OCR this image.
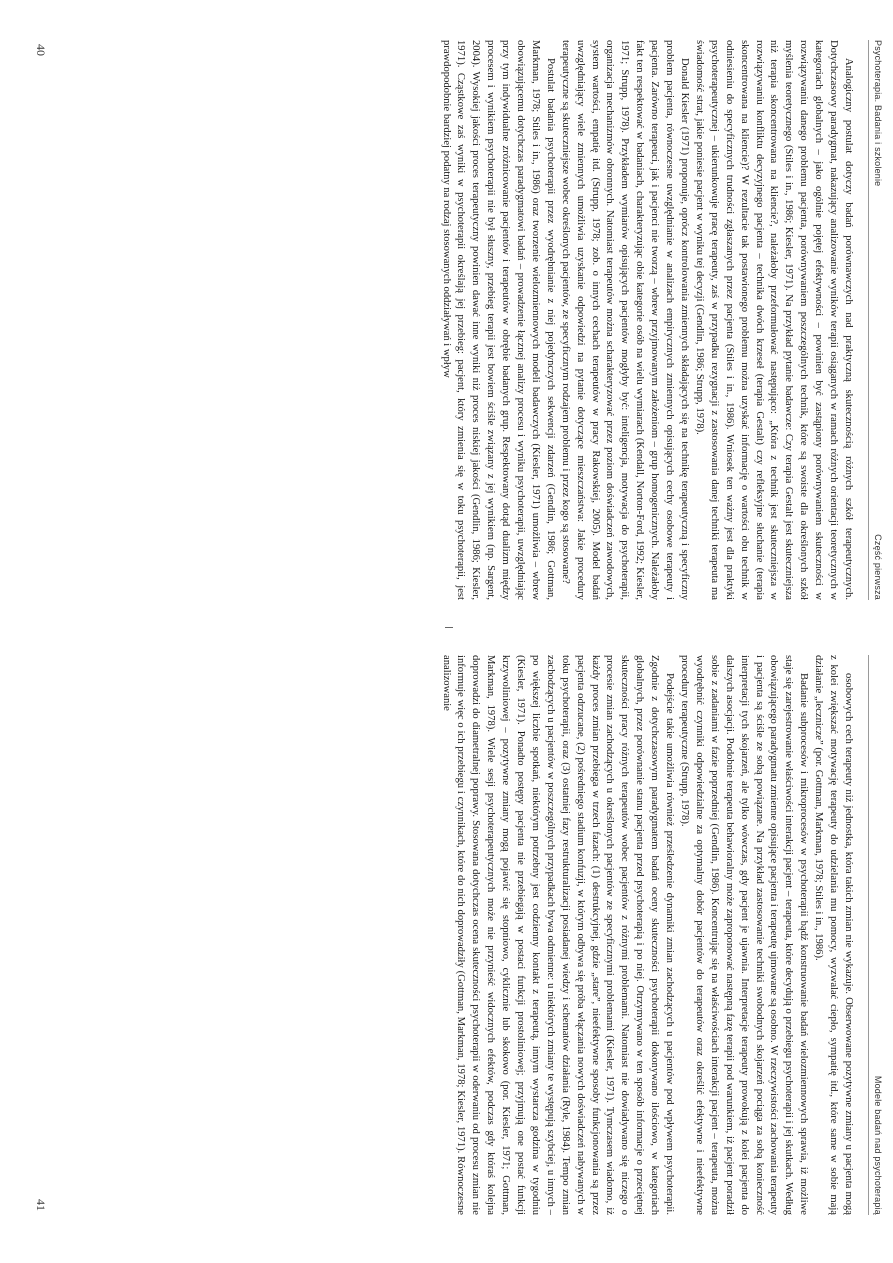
Psychoterapia. Badania i szkolenie
Część pierwsza

Analogiczny postulat dotyczy badań porównawczych nad praktyczną skutecznością różnych szkół terapeutycznych. Dotychczasowy paradygmat, nakazujący analizowanie wyników terapii osiąganych w ramach różnych orientacji teoretycznych w kategoriach globalnych – jako ogólnie pojętej efektywności – powinien być zastąpiony porównywaniem skuteczności w rozwiązywaniu danego problemu pacjenta, porównywaniem poszczególnych technik, które są swoiste dla określonych szkół myślenia teoretycznego (Stiles i in., 1986; Kiesler, 1971). Na przykład pytanie badawcze: Czy terapia Gestalt jest skuteczniejsza niż terapia skoncentrowana na kliencie?, należałoby przeformułować następująco: „Która z technik jest skuteczniejsza w rozwiązywaniu konfliktu decyzyjnego pacjenta – technika dwóch krzeseł (terapia Gestalt) czy refleksyjne słuchanie (terapia skoncentrowana na kliencie)? W rezultacie tak postawionego problemu można uzyskać informację o wartości obu technik w odniesieniu do specyficznych trudności zgłaszanych przez pacjenta (Stiles i in., 1986). Wniosek ten ważny jest dla praktyki psychoterapeutycznej – ukierunkowuje pracę terapeuty, zaś w przypadku rezygnacji z zastosowania danej techniki terapeuta ma świadomość strat, jakie poniesie pacjent w wyniku tej decyzji (Gendlin, 1986; Strupp, 1978).

Donald Kiesler (1971) proponuje, oprócz kontrolowania zmiennych składających się na technikę terapeutyczną i specyficzny problem pacjenta, równoczesne uwzględnianie w analizach empirycznych zmiennych opisujących cechy osobowe terapeuty i pacjenta. Zarówno terapeuci, jak i pacjenci nie tworzą – wbrew przyjmowanym założeniom – grup homogenicznych. Należałoby fakt ten respektować w badaniach, charakteryzując obie kategorie osób na wielu wymiarach (Kendall, Norton-Ford, 1992; Kiesler, 1971; Strupp, 1978). Przykładem wymiarów opisujących pacjentów mogłyby być: inteligencja, motywacja do psychoterapii, organizacja mechanizmów obronnych. Natomiast terapeutów można scharakteryzować przez poziom doświadczeń zawodowych, system wartości, empatię itd. (Strupp, 1978; zob. o innych cechach terapeutów w pracy Rakowskiej, 2005). Model badań uwzględniający wiele zmiennych umożliwia uzyskanie odpowiedzi na pytanie dotyczące mieszczaństwa: Jakie procedury terapeutyczne są skuteczniejsze wobec określonych pacjentów, ze specyficznym rodzajem problemu i przez kogo są stosowane?

Postulat badania psychoterapii przez wyodrębnianie z niej pojedynczych sekwencji zdarzeń (Gendlin, 1986; Gottman, Markman, 1978; Stiles i in., 1986) oraz tworzenie wielozmiennowych modeli badawczych (Kiesler, 1971) umożliwia – wbrew obowiązującemu dotychczas paradygmatowi badań – prowadzenie łącznej analizy procesu i wyniku psychoterapii, uwzględniając przy tym indywidualne zróżnicowanie pacjentów i terapeutów w obrębie badanych grup. Respektowany dotąd dualizm między procesem i wynikiem psychoterapii nie był słuszny, przebieg terapii jest bowiem ściśle związany z jej wynikiem (np. Sargent, 2004). Wysokiej jakości proces terapeutyczny powinien dawać inne wyniki niż proces niskiej jakości (Gendlin, 1986; Kiesler, 1971). Cząstkowe zaś wyniki w psychoterapii określają jej przebieg: pacjent, który zmienia się w toku psychoterapii, jest prawdopodobnie bardziej podatny na rodzaj stosowanych oddziaływań i wpływ

40
Modele badań nad psychoterapią

osobowych cech terapeuty niż jednostka, która takich zmian nie wykazuje. Obserwowane pozytywne zmiany u pacjenta mogą z kolei zwiększać motywację terapeuty do udzielania mu pomocy, wyzwalać ciepło, sympatię itd., które same w sobie mają działanie „leczniczeˮ (por. Gottman, Markman, 1978; Stiles i in., 1986).

Badanie subprocesów i mikroprocesów w psychoterapii bądź konstruowanie badań wielozmiennowych sprawia, iż możliwe staje się zarejestrowanie właściwości interakcji pacjent – terapeuta, które decydują o przebiegu psychoterapii i jej skutkach. Według obowiązującego paradygmatu zmienne opisujące pacjenta i terapeutę ujmowane są osobno. W rzeczywistości zachowania terapeuty i pacjenta są ściśle ze sobą powiązane. Na przykład zastosowanie techniki swobodnych skojarzeń pociąga za sobą konieczność interpretacji tych skojarzeń, ale tylko wówczas, gdy pacjent je ujawnia. Interpretacje terapeuty prowokują z kolei pacjenta do dalszych asocjacji. Podobnie terapeuta behawioralny może zaproponować następną fazę terapii pod warunkiem, iż pacjent poradził sobie z zadaniami w fazie poprzedniej (Gendlin, 1986). Koncentrując się na właściwościach interakcji pacjent – terapeuta, można wyodrębnić czynniki odpowiedzialne za optymalny dobór pacjentów do terapeutów oraz określić efektywne i nieefektywne procedury terapeutyczne (Strupp, 1978).

Podejście takie umożliwia również prześledzenie dynamiki zmian zachodzących u pacjentów pod wpływem psychoterapii. Zgodnie z dotychczasowym paradygmatem badań oceny skuteczności psychoterapii dokonywano ilościowo, w kategoriach globalnych, przez porównanie stanu pacjenta przed psychoterapią i po niej. Otrzymywano w ten sposób informacje o przeciętnej skuteczności pracy różnych terapeutów wobec pacjentów z różnymi problemami. Natomiast nie dowiadywano się niczego o procesie zmian zachodzących u określonych pacjentów ze specyficznymi problemami (Kiesler, 1971). Tymczasem wiadomo, iż każdy proces zmian przebiega w trzech fazach: (1) destrukcyjnej, gdzie „stareˮ, nieefektywne sposoby funkcjonowania są przez pacjenta odrzucane, (2) pośredniego stadium konfuzji, w którym odbywa się próba włączania nowych doświadczeń nabywanych w toku psychoterapii, oraz (3) ostatniej fazy restrukturalizacji posiadanej wiedzy i schematów działania (Ryle, 1984). Tempo zmian zachodzących u pacjentów w poszczególnych przypadkach bywa odmienne: u niektórych zmiany te występują szybciej, u innych – po większej liczbie spotkań, niektórym potrzebny jest codzienny kontakt z terapeutą, innym wystarcza godzina w tygodniu (Kiesler, 1971). Ponadto postępy pacjenta nie przebiegają w postaci funkcji prostoliniowej; przyjmują one postać funkcji krzywoliniowej – pozytywne zmiany mogą pojawić się stopniowo, cyklicznie lub skokowo (por. Kiesler, 1971; Gottman, Markman, 1978). Wiele sesji psychoterapeutycznych może nie przynieść widocznych efektów, podczas gdy któraś kolejna doprowadzi do diametralnej poprawy. Stosowana dotychczas ocena skuteczności psychoterapii w oderwaniu od procesu zmian nie informuje więc o ich przebiegu i czynnikach, które do nich doprowadziły (Gottman, Markman, 1978; Kiesler, 1971). Równoczesne analizowanie

41
